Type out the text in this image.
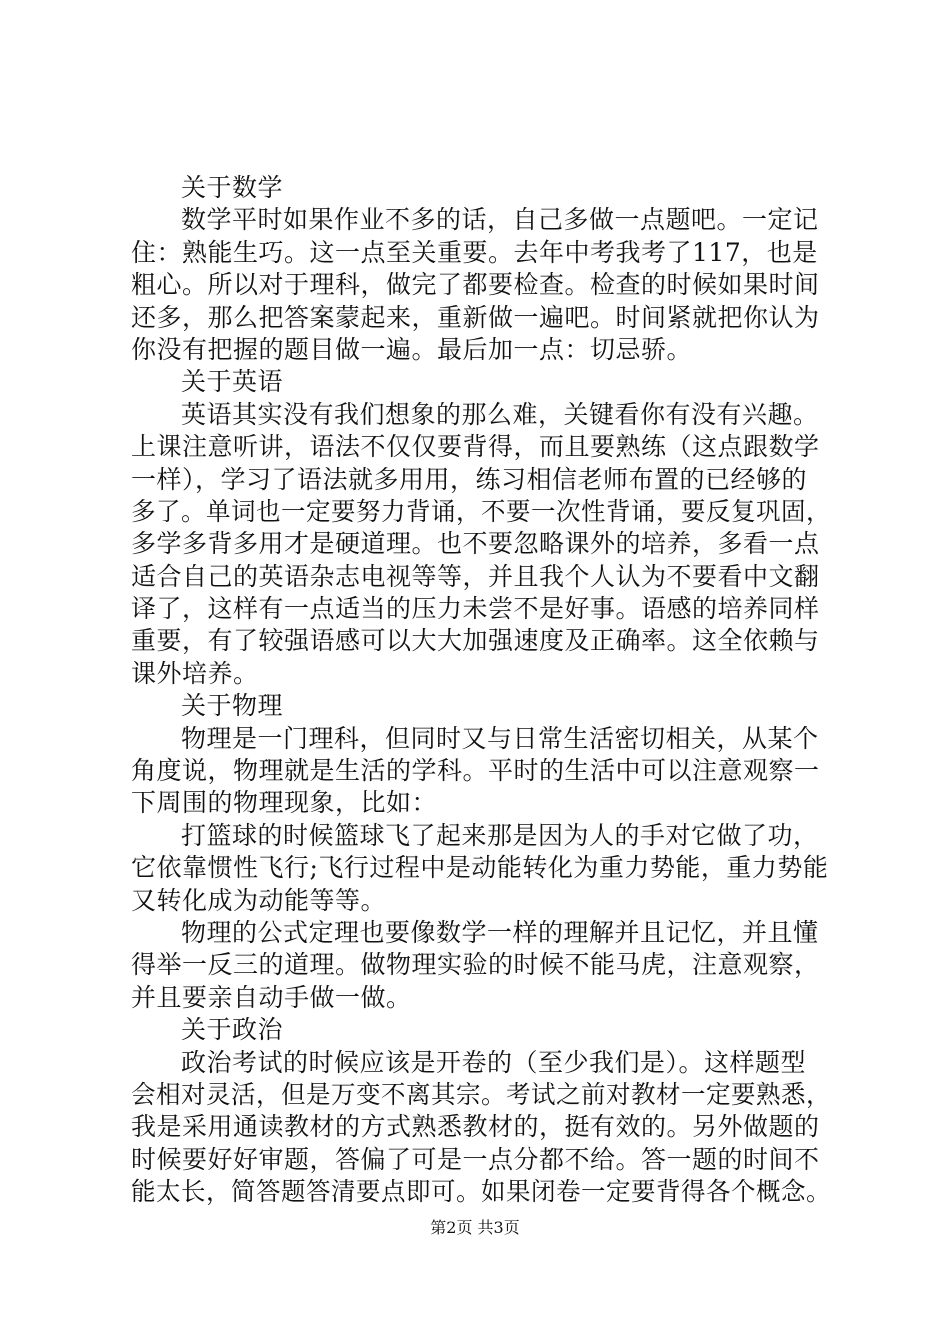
关于数学
数学平时如果作业不多的话，自己多做一点题吧。一定记
住：熟能生巧。这一点至关重要。去年中考我考了117，也是
粗心。所以对于理科，做完了都要检查。检查的时候如果时间
还多，那么把答案蒙起来，重新做一遍吧。时间紧就把你认为
你没有把握的题目做一遍。最后加一点：切忌骄。
关于英语
英语其实没有我们想象的那么难，关键看你有没有兴趣。
上课注意听讲，语法不仅仅要背得，而且要熟练（这点跟数学
一样），学习了语法就多用用，练习相信老师布置的已经够的
多了。单词也一定要努力背诵，不要一次性背诵，要反复巩固，
多学多背多用才是硬道理。也不要忽略课外的培养，多看一点
适合自己的英语杂志电视等等，并且我个人认为不要看中文翻
译了，这样有一点适当的压力未尝不是好事。语感的培养同样
重要，有了较强语感可以大大加强速度及正确率。这全依赖与
课外培养。
关于物理
物理是一门理科，但同时又与日常生活密切相关，从某个
角度说，物理就是生活的学科。平时的生活中可以注意观察一
下周围的物理现象，比如：
打篮球的时候篮球飞了起来那是因为人的手对它做了功，
它依靠惯性飞行;飞行过程中是动能转化为重力势能，重力势能
又转化成为动能等等。
物理的公式定理也要像数学一样的理解并且记忆，并且懂
得举一反三的道理。做物理实验的时候不能马虎，注意观察，
并且要亲自动手做一做。
关于政治
政治考试的时候应该是开卷的（至少我们是）。这样题型
会相对灵活，但是万变不离其宗。考试之前对教材一定要熟悉，
我是采用通读教材的方式熟悉教材的，挺有效的。另外做题的
时候要好好审题，答偏了可是一点分都不给。答一题的时间不
能太长，简答题答清要点即可。如果闭卷一定要背得各个概念。
第2页 共3页
